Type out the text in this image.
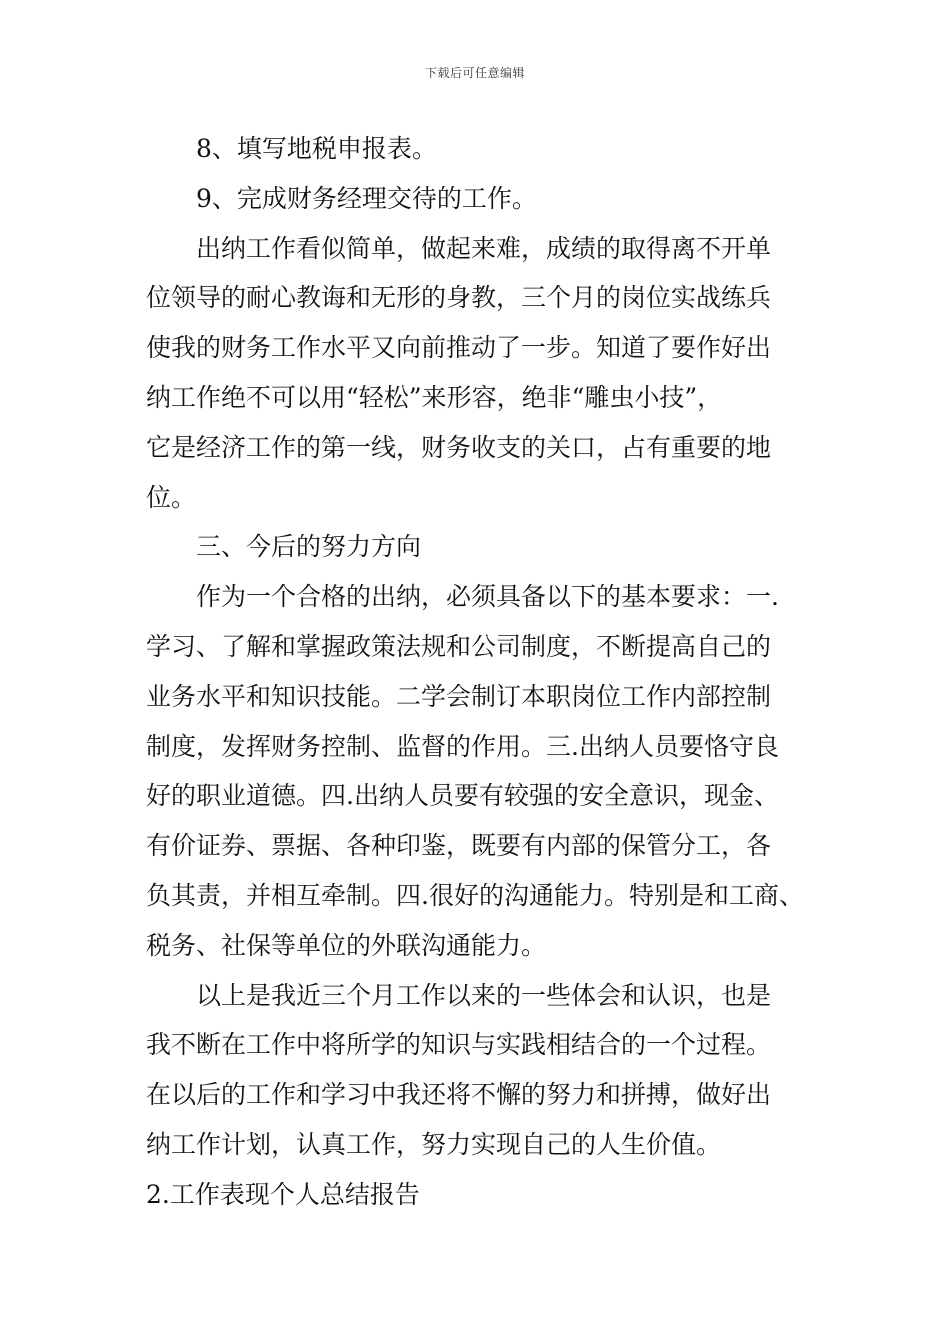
下载后可任意编辑
8、填写地税申报表。
9、完成财务经理交待的工作。
出纳工作看似简单，做起来难，成绩的取得离不开单
位领导的耐心教诲和无形的身教，三个月的岗位实战练兵
使我的财务工作水平又向前推动了一步。知道了要作好出
纳工作绝不可以用“轻松”来形容，绝非“雕虫小技”，
它是经济工作的第一线，财务收支的关口，占有重要的地
位。
三、今后的努力方向
作为一个合格的出纳，必须具备以下的基本要求：一.
学习、了解和掌握政策法规和公司制度，不断提高自己的
业务水平和知识技能。二学会制订本职岗位工作内部控制
制度，发挥财务控制、监督的作用。三.出纳人员要恪守良
好的职业道德。四.出纳人员要有较强的安全意识，现金、
有价证券、票据、各种印鉴，既要有内部的保管分工，各
负其责，并相互牵制。四.很好的沟通能力。特别是和工商、
税务、社保等单位的外联沟通能力。
以上是我近三个月工作以来的一些体会和认识，也是
我不断在工作中将所学的知识与实践相结合的一个过程。
在以后的工作和学习中我还将不懈的努力和拼搏，做好出
纳工作计划，认真工作，努力实现自己的人生价值。
2.工作表现个人总结报告
